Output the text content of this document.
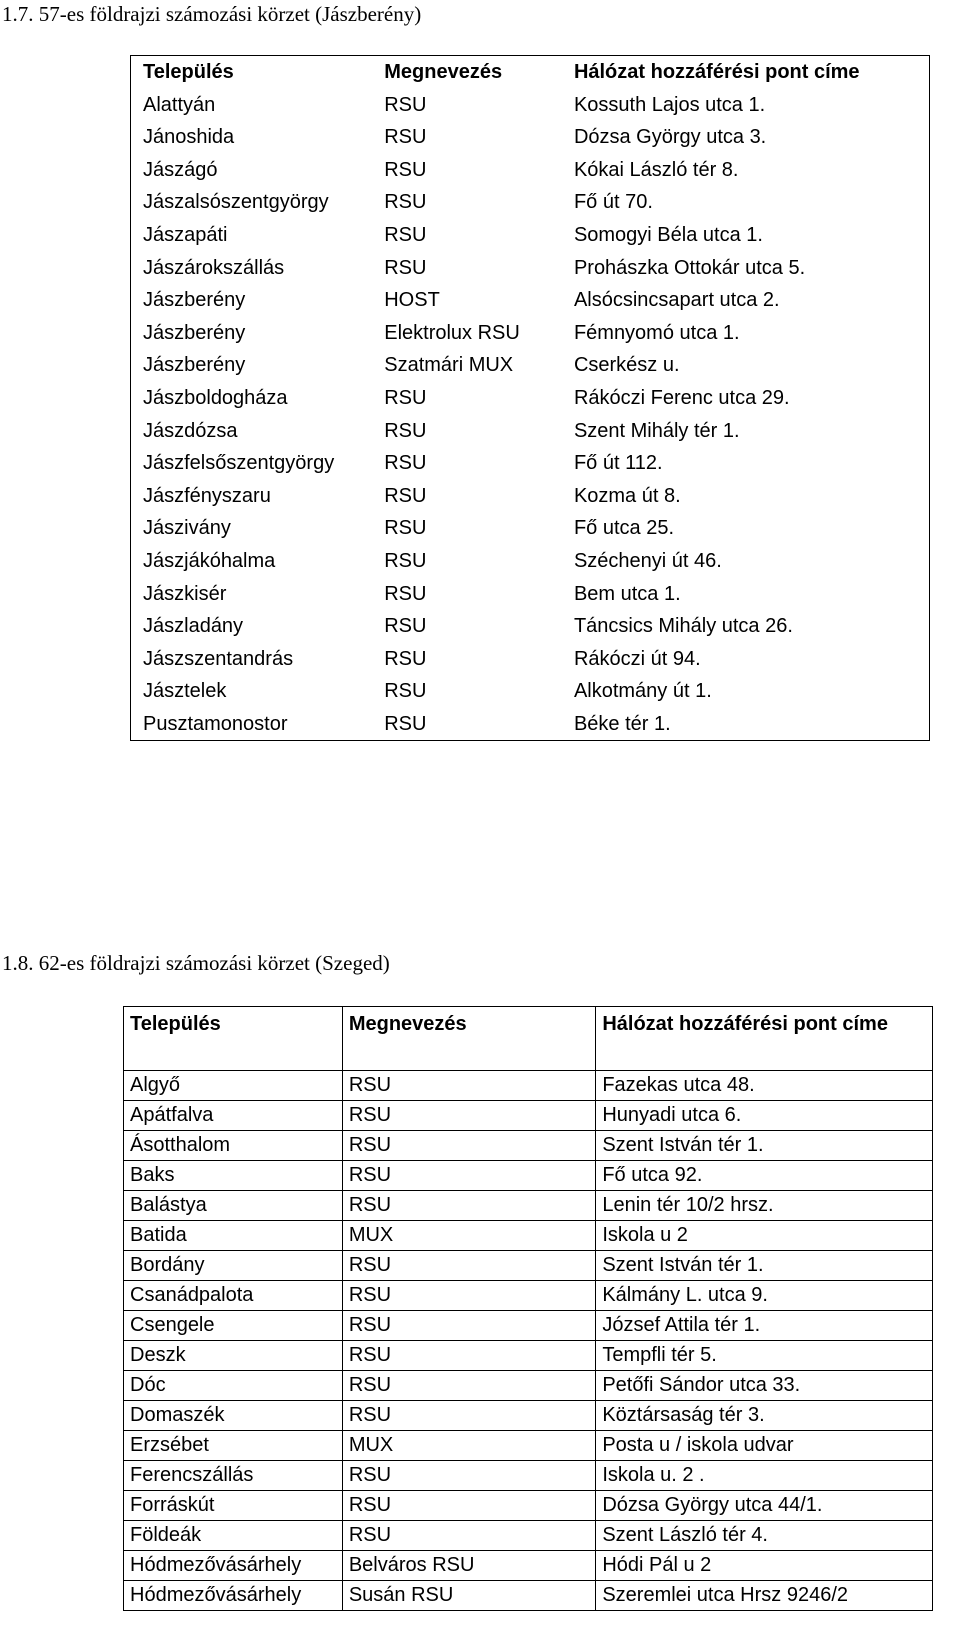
1.7. 57-es földrajzi számozási körzet (Jászberény)
Település	Megnevezés	Hálózat hozzáférési pont címe
Alattyán	RSU	Kossuth Lajos utca 1.
Jánoshida	RSU	Dózsa György utca 3.
Jászágó	RSU	Kókai László tér 8.
Jászalsószentgyörgy	RSU	Fő út 70.
Jászapáti	RSU	Somogyi Béla utca 1.
Jászárokszállás	RSU	Prohászka Ottokár utca 5.
Jászberény	HOST	Alsócsincsapart utca 2.
Jászberény	Elektrolux RSU	Fémnyomó utca 1.
Jászberény	Szatmári MUX	Cserkész u.
Jászboldogháza	RSU	Rákóczi Ferenc utca 29.
Jászdózsa	RSU	Szent Mihály tér 1.
Jászfelsőszentgyörgy	RSU	Fő út 112.
Jászfényszaru	RSU	Kozma út 8.
Jászivány	RSU	Fő utca 25.
Jászjákóhalma	RSU	Széchenyi út 46.
Jászkisér	RSU	Bem utca 1.
Jászladány	RSU	Táncsics Mihály utca 26.
Jászszentandrás	RSU	Rákóczi út 94.
Jásztelek	RSU	Alkotmány út 1.
Pusztamonostor	RSU	Béke tér 1.
1.8. 62-es földrajzi számozási körzet (Szeged)
Település	Megnevezés	Hálózat hozzáférési pont címe
Algyő	RSU	Fazekas utca 48.
Apátfalva	RSU	Hunyadi utca 6.
Ásotthalom	RSU	Szent István tér 1.
Baks	RSU	Fő utca 92.
Balástya	RSU	Lenin tér 10/2 hrsz.
Batida	MUX	Iskola u 2
Bordány	RSU	Szent István tér 1.
Csanádpalota	RSU	Kálmány L. utca 9.
Csengele	RSU	József Attila tér 1.
Deszk	RSU	Tempfli tér 5.
Dóc	RSU	Petőfi Sándor utca 33.
Domaszék	RSU	Köztársaság tér 3.
Erzsébet	MUX	Posta u / iskola udvar
Ferencszállás	RSU	Iskola u. 2 .
Forráskút	RSU	Dózsa György utca 44/1.
Földeák	RSU	Szent László tér 4.
Hódmezővásárhely	Belváros RSU	Hódi Pál u 2
Hódmezővásárhely	Susán RSU	Szeremlei utca Hrsz 9246/2
